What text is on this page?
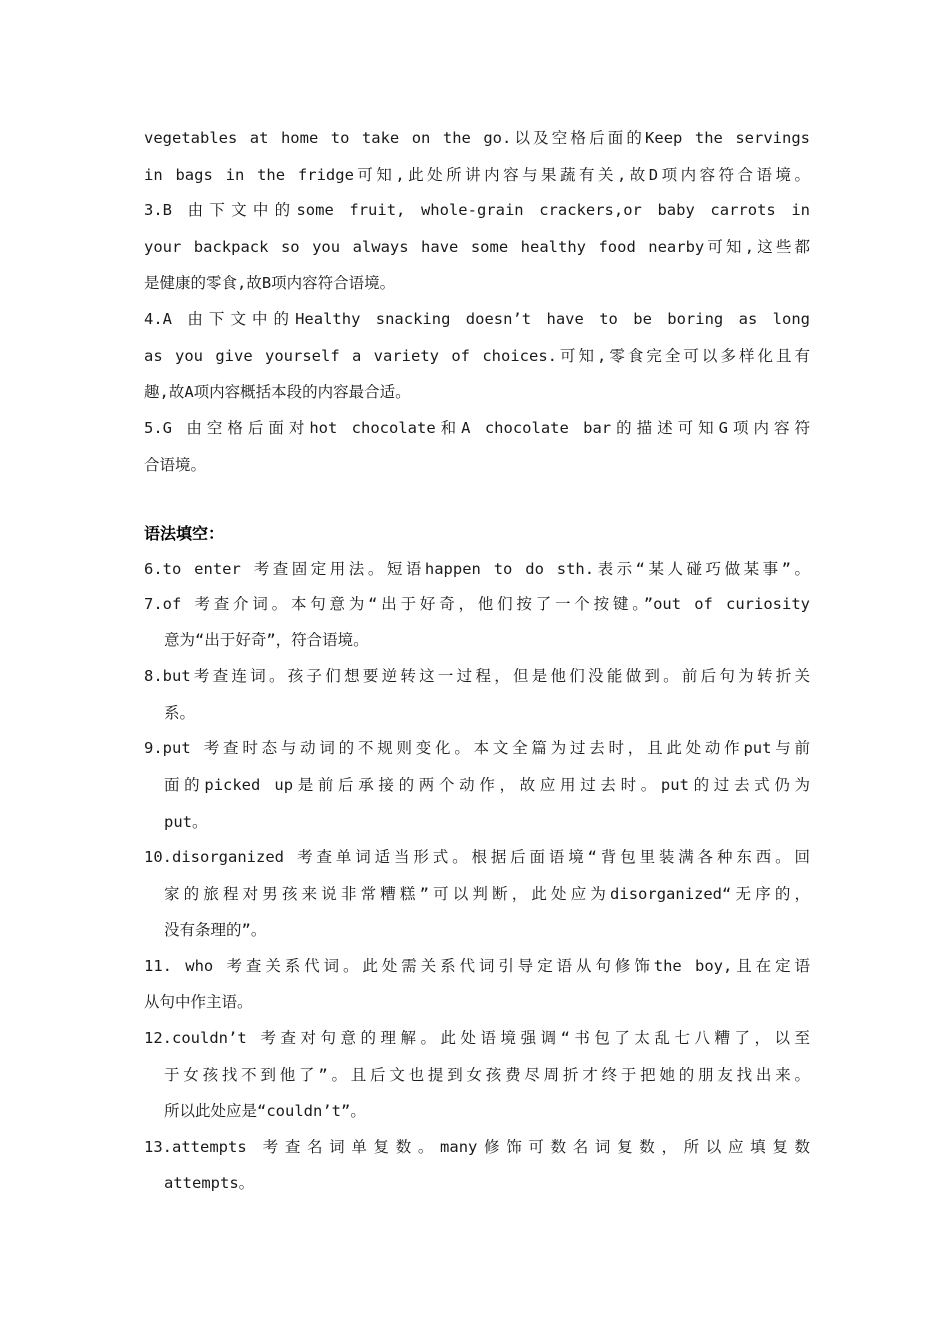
vegetables at home to take on the go.以及空格后面的Keep the servings
in bags in the fridge可知,此处所讲内容与果蔬有关,故D项内容符合语境。
3.B 由下文中的some fruit, whole-grain crackers,or baby carrots in
your backpack so you always have some healthy food nearby可知,这些都
是健康的零食,故B项内容符合语境。
4.A 由下文中的Healthy snacking doesn’t have to be boring as long
as you give yourself a variety of choices.可知,零食完全可以多样化且有
趣,故A项内容概括本段的内容最合适。
5.G 由空格后面对hot chocolate和A chocolate bar的描述可知G项内容符
合语境。
语法填空：
6.to enter 考查固定用法。短语happen to do sth.表示“某人碰巧做某事”。
7.of 考查介词。本句意为“出于好奇，他们按了一个按键。”out of curiosity
意为“出于好奇”，符合语境。
8.but考查连词。孩子们想要逆转这一过程，但是他们没能做到。前后句为转折关
系。
9.put 考查时态与动词的不规则变化。本文全篇为过去时，且此处动作put与前
面的picked up是前后承接的两个动作，故应用过去时。put的过去式仍为
put。
10.disorganized 考查单词适当形式。根据后面语境“背包里装满各种东西。回
家的旅程对男孩来说非常糟糕”可以判断，此处应为disorganized“无序的，
没有条理的”。
11. who 考查关系代词。此处需关系代词引导定语从句修饰the boy,且在定语
从句中作主语。
12.couldn’t 考查对句意的理解。此处语境强调“书包了太乱七八糟了，以至
于女孩找不到他了”。且后文也提到女孩费尽周折才终于把她的朋友找出来。
所以此处应是“couldn’t”。
13.attempts 考查名词单复数。many修饰可数名词复数，所以应填复数
attempts。
